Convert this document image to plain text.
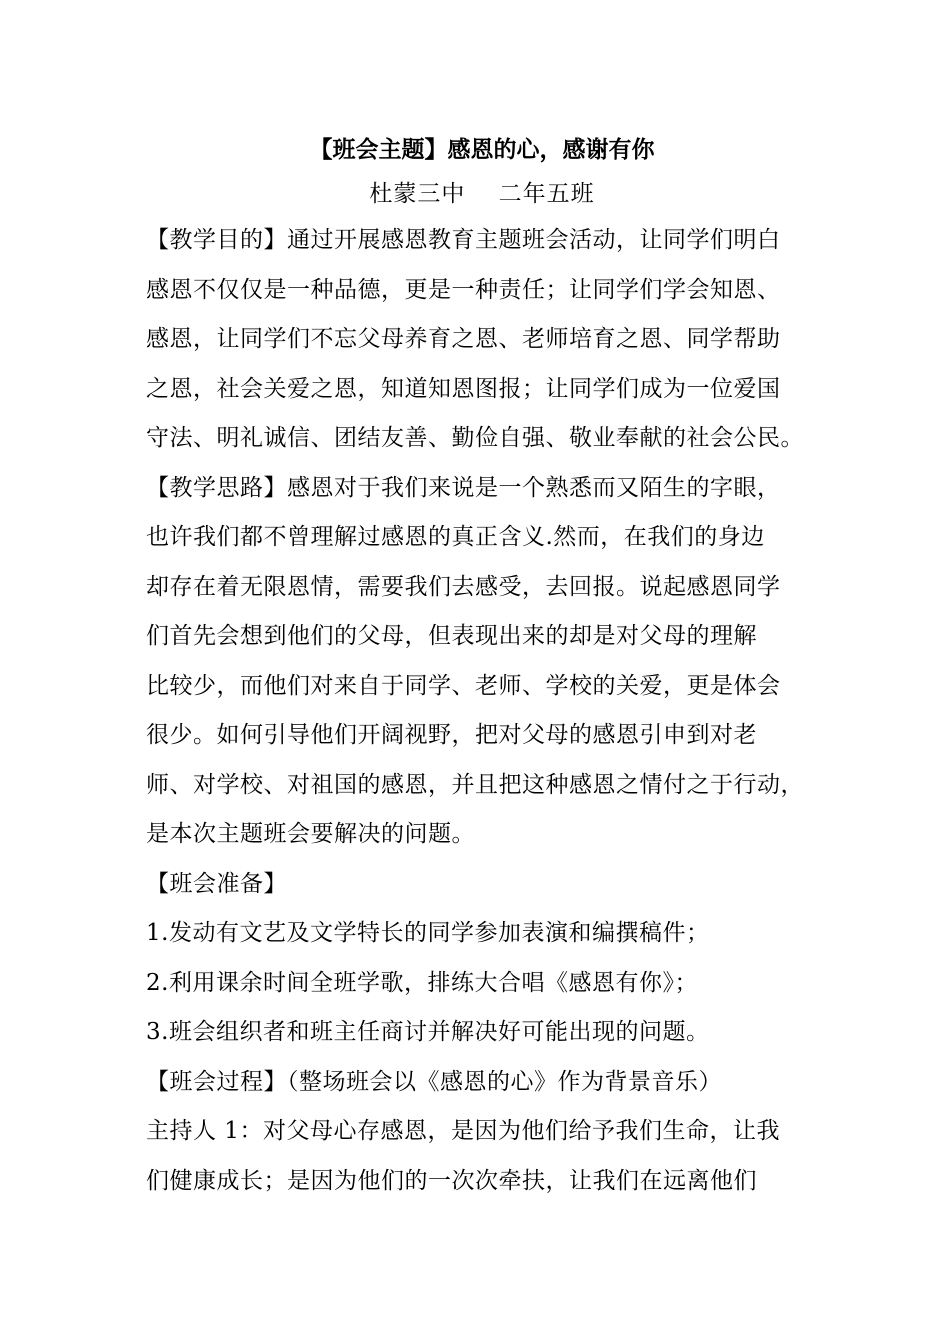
【班会主题】感恩的心，感谢有你
杜蒙三中    二年五班
【教学目的】通过开展感恩教育主题班会活动，让同学们明白
感恩不仅仅是一种品德，更是一种责任；让同学们学会知恩、
感恩，让同学们不忘父母养育之恩、老师培育之恩、同学帮助
之恩，社会关爱之恩，知道知恩图报；让同学们成为一位爱国
守法、明礼诚信、团结友善、勤俭自强、敬业奉献的社会公民。
【教学思路】感恩对于我们来说是一个熟悉而又陌生的字眼，
也许我们都不曾理解过感恩的真正含义.然而，在我们的身边
却存在着无限恩情，需要我们去感受，去回报。说起感恩同学
们首先会想到他们的父母，但表现出来的却是对父母的理解
比较少，而他们对来自于同学、老师、学校的关爱，更是体会
很少。如何引导他们开阔视野，把对父母的感恩引申到对老
师、对学校、对祖国的感恩，并且把这种感恩之情付之于行动，
是本次主题班会要解决的问题。
【班会准备】
1.发动有文艺及文学特长的同学参加表演和编撰稿件；
2.利用课余时间全班学歌，排练大合唱《感恩有你》；
3.班会组织者和班主任商讨并解决好可能出现的问题。
【班会过程】（整场班会以《感恩的心》作为背景音乐）
主持人 1：对父母心存感恩，是因为他们给予我们生命，让我
们健康成长；是因为他们的一次次牵扶，让我们在远离他们
